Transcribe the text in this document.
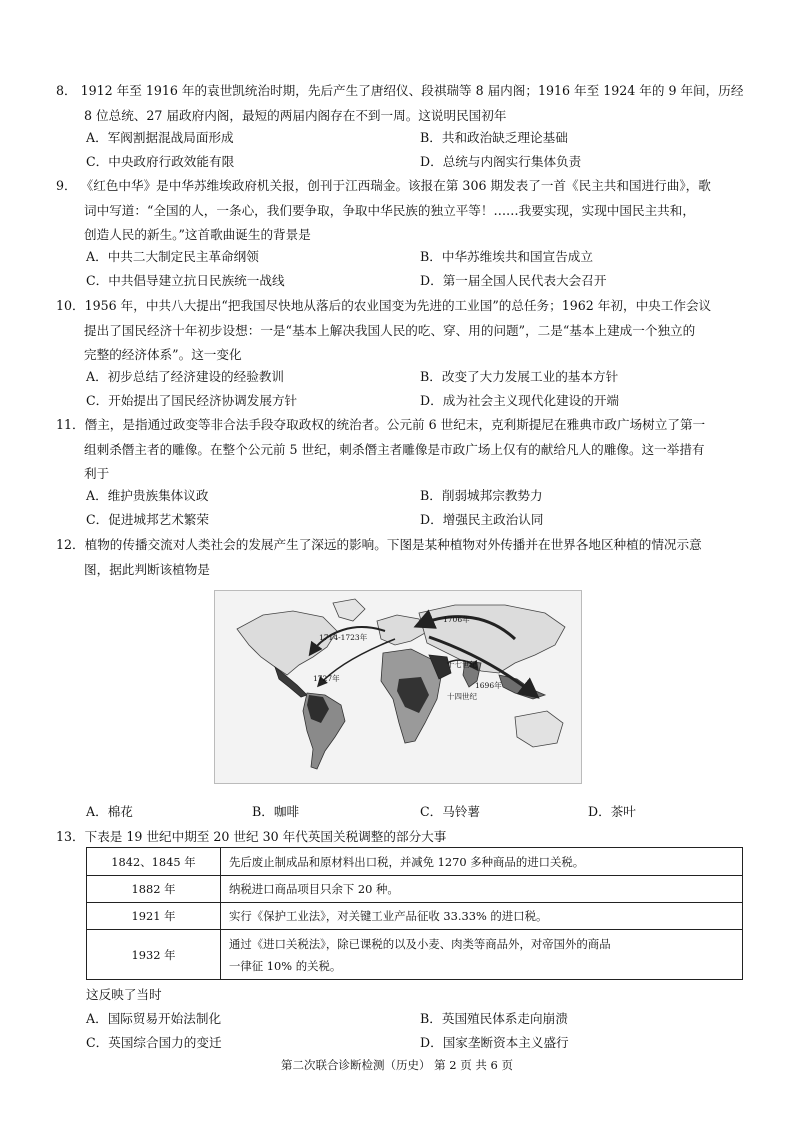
8． 1912 年至 1916 年的袁世凯统治时期，先后产生了唐绍仪、段祺瑞等 8 届内阁；1916 年至 1924 年的 9 年间，历经
8 位总统、27 届政府内阁，最短的两届内阁存在不到一周。这说明民国初年
A．军阀割据混战局面形成	B．共和政治缺乏理论基础
C．中央政府行政效能有限	D．总统与内阁实行集体负责
9． 《红色中华》是中华苏维埃政府机关报，创刊于江西瑞金。该报在第 306 期发表了一首《民主共和国进行曲》，歌
词中写道：“全国的人，一条心，我们要争取，争取中华民族的独立平等！……我要实现，实现中国民主共和，
创造人民的新生。”这首歌曲诞生的背景是
A．中共二大制定民主革命纲领	B．中华苏维埃共和国宣告成立
C．中共倡导建立抗日民族统一战线	D．第一届全国人民代表大会召开
10．1956 年，中共八大提出“把我国尽快地从落后的农业国变为先进的工业国”的总任务；1962 年初，中央工作会议
提出了国民经济十年初步设想：一是“基本上解决我国人民的吃、穿、用的问题”，二是“基本上建成一个独立的
完整的经济体系”。这一变化
A．初步总结了经济建设的经验教训	B．改变了大力发展工业的基本方针
C．开始提出了国民经济协调发展方针	D．成为社会主义现代化建设的开端
11．僭主，是指通过政变等非合法手段夺取政权的统治者。公元前 6 世纪末，克利斯提尼在雅典市政广场树立了第一
组刺杀僭主者的雕像。在整个公元前 5 世纪，刺杀僭主者雕像是市政广场上仅有的献给凡人的雕像。这一举措有
利于
A．维护贵族集体议政	B．削弱城邦宗教势力
C．促进城邦艺术繁荣	D．增强民主政治认同
12．植物的传播交流对人类社会的发展产生了深远的影响。下图是某种植物对外传播并在世界各地区种植的情况示意
图，据此判断该植物是
1706年
1714-1723年
十七世纪
1727年
1696年
十四世纪
A．棉花	B．咖啡	C．马铃薯	D．茶叶
13．下表是 19 世纪中期至 20 世纪 30 年代英国关税调整的部分大事
1842、1845 年	先后废止制成品和原材料出口税，并减免 1270 多种商品的进口关税。
1882 年	纳税进口商品项目只余下 20 种。
1921 年	实行《保护工业法》，对关键工业产品征收 33.33% 的进口税。
1932 年	通过《进口关税法》，除已课税的以及小麦、肉类等商品外，对帝国外的商品
一律征 10% 的关税。
这反映了当时
A．国际贸易开始法制化	B．英国殖民体系走向崩溃
C．英国综合国力的变迁	D．国家垄断资本主义盛行
第二次联合诊断检测（历史） 第 2 页 共 6 页
